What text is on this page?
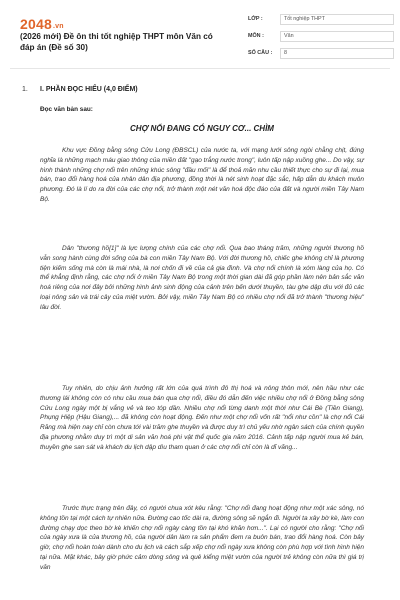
2048.vn
(2026 mới) Đề ôn thi tốt nghiệp THPT môn Văn có đáp án (Đề số 30)
LỚP :	Tốt nghiệp THPT
MÔN :	Văn
SỐ CÂU :	8
1. I. PHẦN ĐỌC HIỂU (4,0 ĐIỂM)
Đọc văn bản sau:
CHỢ NỔI ĐANG CÓ NGUY CƠ... CHÌM

Khu vực Đồng bằng sông Cửu Long (ĐBSCL) của nước ta, với mạng lưới sông ngòi chằng chịt, đúng nghĩa là những mạch máu giao thông của miền đất "gạo trắng nước trong", luôn tấp nập xuồng ghe... Do vậy, sự hình thành những chợ nổi trên những khúc sông "đầu mối" là để thoả mãn nhu cầu thiết thực cho sự đi lại, mua bán, trao đổi hàng hoá của nhân dân địa phương, đồng thời là nét sinh hoạt đặc sắc, hấp dẫn du khách muôn phương. Đó là lí do ra đời của các chợ nổi, trở thành một nét văn hoá độc đáo của đất và người miền Tây Nam Bộ.

Dân "thương hồ[1]" là lực lượng chính của các chợ nổi. Qua bao tháng trăm, những người thương hồ vẫn song hành cùng đời sống của bà con miền Tây Nam Bộ. Với đời thương hồ, chiếc ghe không chỉ là phương tiện kiếm sống mà còn là mái nhà, là nơi chốn đi về của cả gia đình. Và chợ nổi chính là xóm làng của họ. Có thể khẳng định rằng, các chợ nổi ở miền Tây Nam Bộ trong một thời gian dài đã góp phần làm nên bản sắc văn hoá riêng của nơi đây bởi những hình ảnh sinh động của cảnh trên bến dưới thuyền, tàu ghe dập dìu với đủ các loại nông sản và trái cây của miệt vườn. Bởi vậy, miền Tây Nam Bộ có nhiều chợ nổi đã trở thành "thương hiệu" lâu đời.

Tuy nhiên, do chịu ảnh hưởng rất lớn của quá trình đô thị hoá và nông thôn mới, nên hầu như các thương lái không còn có nhu cầu mua bán qua chợ nổi, điều đó dẫn đến việc nhiều chợ nổi ở Đồng bằng sông Cửu Long ngày một bị vắng vẻ và teo tóp dần. Nhiều chợ nổi từng danh một thời như Cái Bè (Tiền Giang), Phụng Hiệp (Hậu Giang),... đã không còn hoạt động. Đến như một chợ nổi vốn rất "nổi như cồn" là chợ nổi Cái Răng mà hiện nay chỉ còn chưa tới vài trăm ghe thuyền và được duy trì chủ yếu nhờ ngân sách của chính quyền địa phương nhằm duy trì một di sản văn hoá phi vật thể quốc gia năm 2016. Cảnh tấp nập người mua kẻ bán, thuyền ghe san sát và khách du lịch dập dìu tham quan ở các chợ nổi chỉ còn là dĩ vãng...

Trước thực trạng trên đây, có người chua xót kêu rằng: "Chợ nổi đang hoạt động như một xác sông, nó không tồn tại một cách tự nhiên nữa. Đường cao tốc dài ra, đường sông sẽ ngắn đi. Người ta xây bờ kè, làm con đường chạy dọc theo bờ kè khiến chợ nổi ngày càng tồn tại khó khăn hơn...". Lại có người cho rằng: "Chợ nổi của ngày xưa là của thương hồ, của người dân làm ra sản phẩm đem ra buôn bán, trao đổi hàng hoá. Còn bây giờ, chợ nổi hoàn toàn dành cho du lịch và cách sắp xếp chợ nổi ngày xưa không còn phù hợp với tình hình hiện tại nữa. Mặt khác, bây giờ phức cảm dòng sông và quê kiểng miệt vườn của người trẻ không còn nữa thì giá trị văn
